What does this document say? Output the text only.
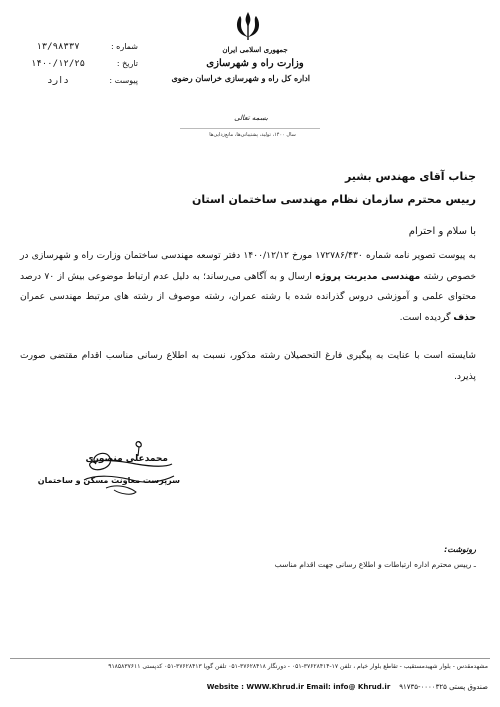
جمهوری اسلامی ایران
وزارت راه و شهرسازی
اداره کل راه و شهرسازی خراسان رضوی
شماره :
۱۳/۹۸۳۳۷
تاریخ :
۱۴۰۰/۱۲/۲۵
پیوست :
دارد
بسمه تعالی
سال ۱۴۰۰، تولید، پشتیبانی‌ها، مانع‌زدایی‌ها
جناب آقای مهندس بشیر
رییس محترم سازمان نظام مهندسی ساختمان استان
با سلام و احترام
به پیوست تصویر نامه شماره ۱۷۲۷۸۶/۴۳۰ مورخ ۱۴۰۰/۱۲/۱۲ دفتر توسعه مهندسی ساختمان وزارت راه و شهرسازی در خصوص رشته مهندسی مدیریت پروژه ارسال و به آگاهی می‌رساند؛ به دلیل عدم ارتباط موضوعی بیش از ۷۰ درصد محتوای علمی و آموزشی دروس گذرانده شده با رشته عمران، رشته موصوف از رشته های مرتبط مهندسی عمران حذف گردیده است.
شایسته است با عنایت به پیگیری فارغ التحصیلان رشته مذکور، نسبت به اطلاع رسانی مناسب اقدام مقتضی صورت پذیرد.
محمدعلی منصوری
سرپرست معاونت مسکن و ساختمان
رونوشت:
ـ رییس محترم اداره ارتباطات و اطلاع رسانی جهت اقدام مناسب
مشهدمقدس - بلوار شهیدمستقیب - تقاطع بلوار خیام ، تلفن ۱۷-۳۷۶۲۸۴۱۴-۰۵۱ - دورنگار ۳۷۶۲۸۴۱۸-۰۵۱ تلفن گویا ۳۷۶۲۸۴۱۳-۰۵۱ کدپستی ۹۱۸۵۸۳۷۶۱۱
صندوق پستی ۰۰۰۰۳۲۵-۹۱۷۳۵    Website : WWW.Khrud.ir Email: info@ Khrud.ir
